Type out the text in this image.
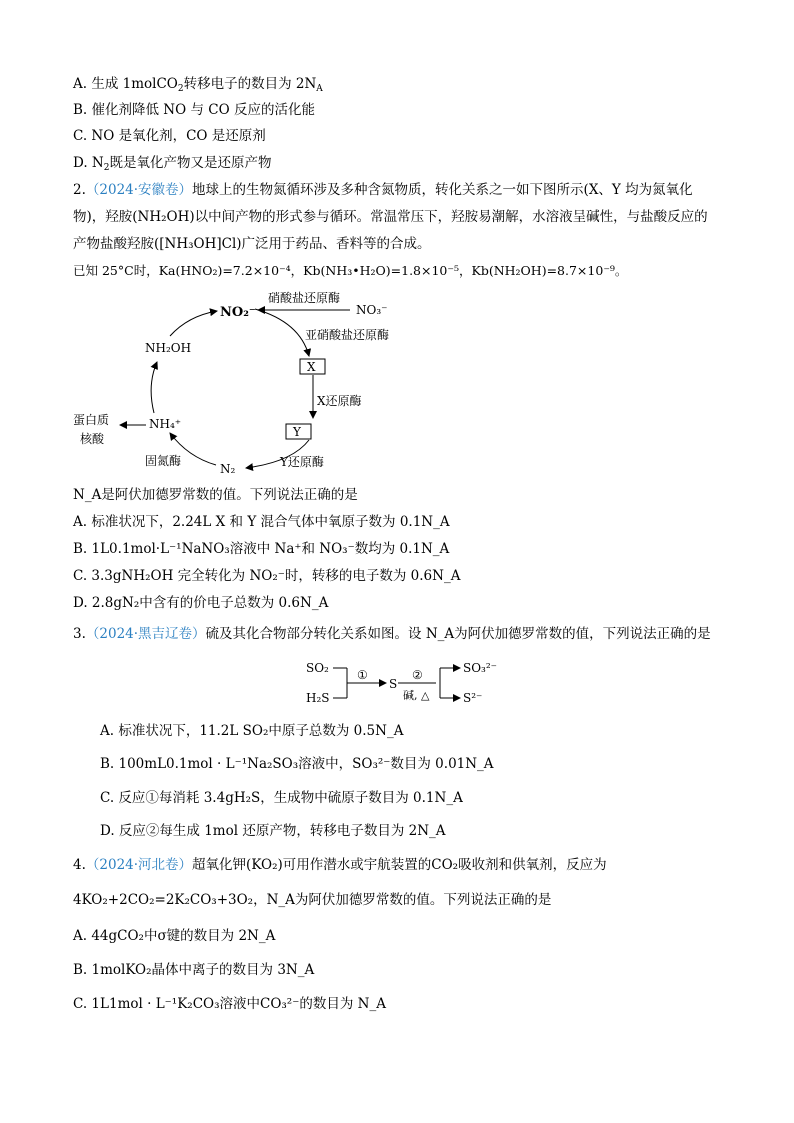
A. 生成 1molCO$_2$转移电子的数目为 $2N_A$
B. 催化剂降低 NO 与 CO 反应的活化能
C. NO 是氧化剂，CO 是还原剂
D. $N_2$既是氧化产物又是还原产物
2.（2024·安徽卷）地球上的生物氮循环涉及多种含氮物质，转化关系之一如下图所示(X、Y 均为氮氧化
物)，羟胺(NH₂OH)以中间产物的形式参与循环。常温常压下，羟胺易潮解，水溶液呈碱性，与盐酸反应的
产物盐酸羟胺([NH₃OH]Cl)广泛用于药品、香料等的合成。
已知 25°C时，Ka(HNO₂)=7.2×10⁻⁴，Kb(NH₃•H₂O)=1.8×10⁻⁵，Kb(NH₂OH)=8.7×10⁻⁹。
NO₂⁻	NO₃⁻
硝酸盐还原酶
亚硝酸盐还原酶
X
X还原酶
Y
Y还原酶
N₂
固氮酶
NH₄⁺
NH₂OH
蛋白质
核酸
N_A是阿伏加德罗常数的值。下列说法正确的是
A. 标准状况下，2.24L X 和 Y 混合气体中氧原子数为 0.1N_A
B. 1L0.1mol·L⁻¹NaNO₃溶液中 Na⁺和 NO₃⁻数均为 0.1N_A
C. 3.3gNH₂OH 完全转化为 NO₂⁻时，转移的电子数为 0.6N_A
D. 2.8gN₂中含有的价电子总数为 0.6N_A
3.（2024·黑吉辽卷）硫及其化合物部分转化关系如图。设 N_A为阿伏加德罗常数的值，下列说法正确的是
SO₂
H₂S
①
S
②
碱, △
SO₃²⁻
S²⁻
A. 标准状况下，11.2L SO₂中原子总数为 0.5N_A
B. 100mL0.1mol · L⁻¹Na₂SO₃溶液中，SO₃²⁻数目为 0.01N_A
C. 反应①每消耗 3.4gH₂S，生成物中硫原子数目为 0.1N_A
D. 反应②每生成 1mol 还原产物，转移电子数目为 2N_A
4.（2024·河北卷）超氧化钾(KO₂)可用作潜水或宇航装置的CO₂吸收剂和供氧剂，反应为
4KO₂+2CO₂=2K₂CO₃+3O₂，N_A为阿伏加德罗常数的值。下列说法正确的是
A. 44gCO₂中σ键的数目为 2N_A
B. 1molKO₂晶体中离子的数目为 3N_A
C. 1L1mol · L⁻¹K₂CO₃溶液中CO₃²⁻的数目为 N_A
